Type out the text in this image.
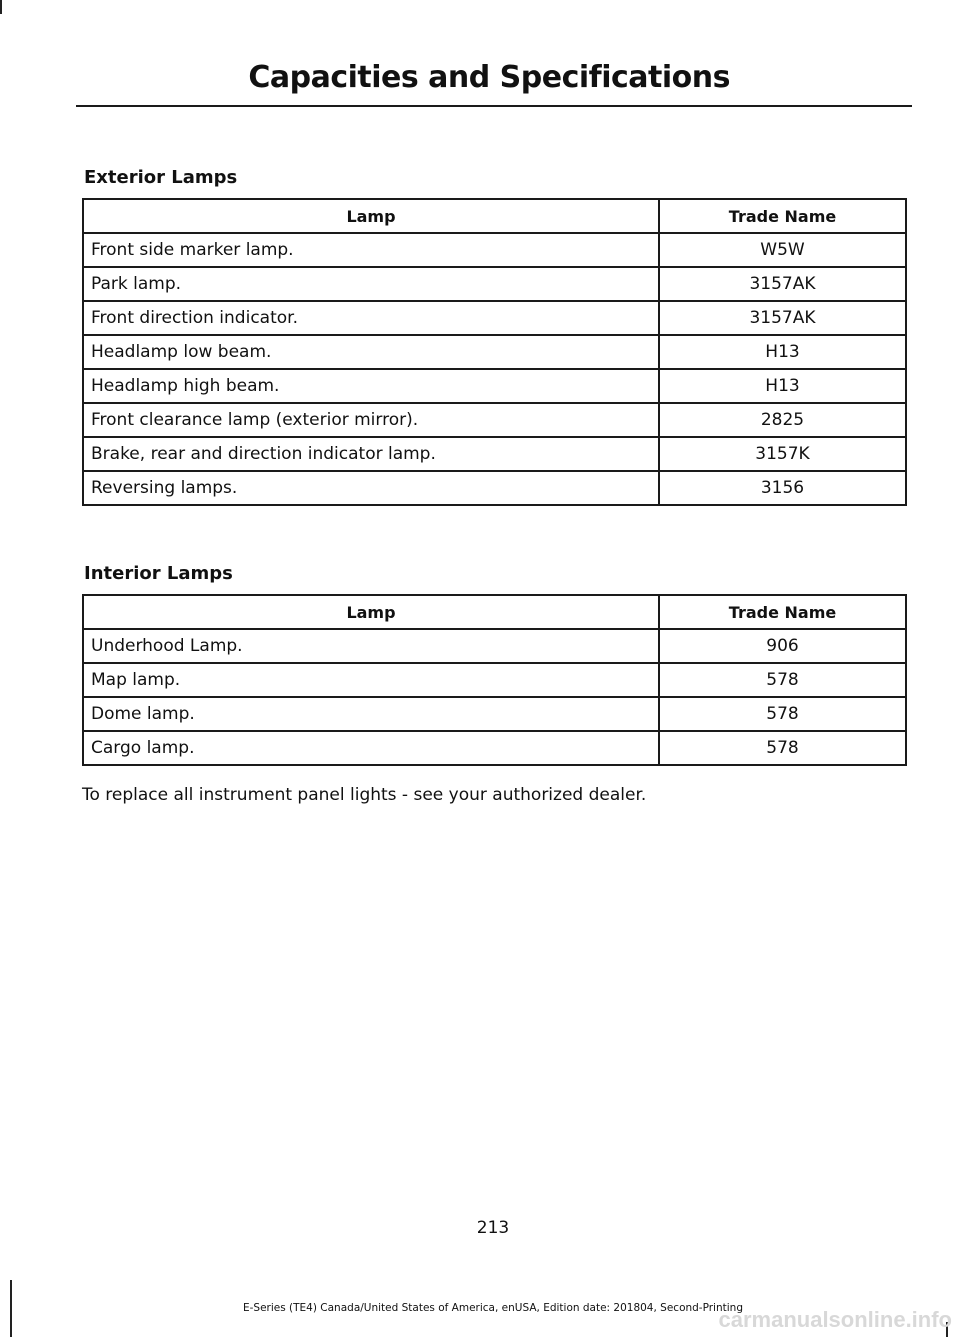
Capacities and Specifications
Exterior Lamps
Lamp	Trade Name
Front side marker lamp.	W5W
Park lamp.	3157AK
Front direction indicator.	3157AK
Headlamp low beam.	H13
Headlamp high beam.	H13
Front clearance lamp (exterior mirror).	2825
Brake, rear and direction indicator lamp.	3157K
Reversing lamps.	3156
Interior Lamps
Lamp	Trade Name
Underhood Lamp.	906
Map lamp.	578
Dome lamp.	578
Cargo lamp.	578
To replace all instrument panel lights - see your authorized dealer.
213
E-Series (TE4) Canada/United States of America, enUSA, Edition date: 201804, Second-Printing
carmanualsonline.info
